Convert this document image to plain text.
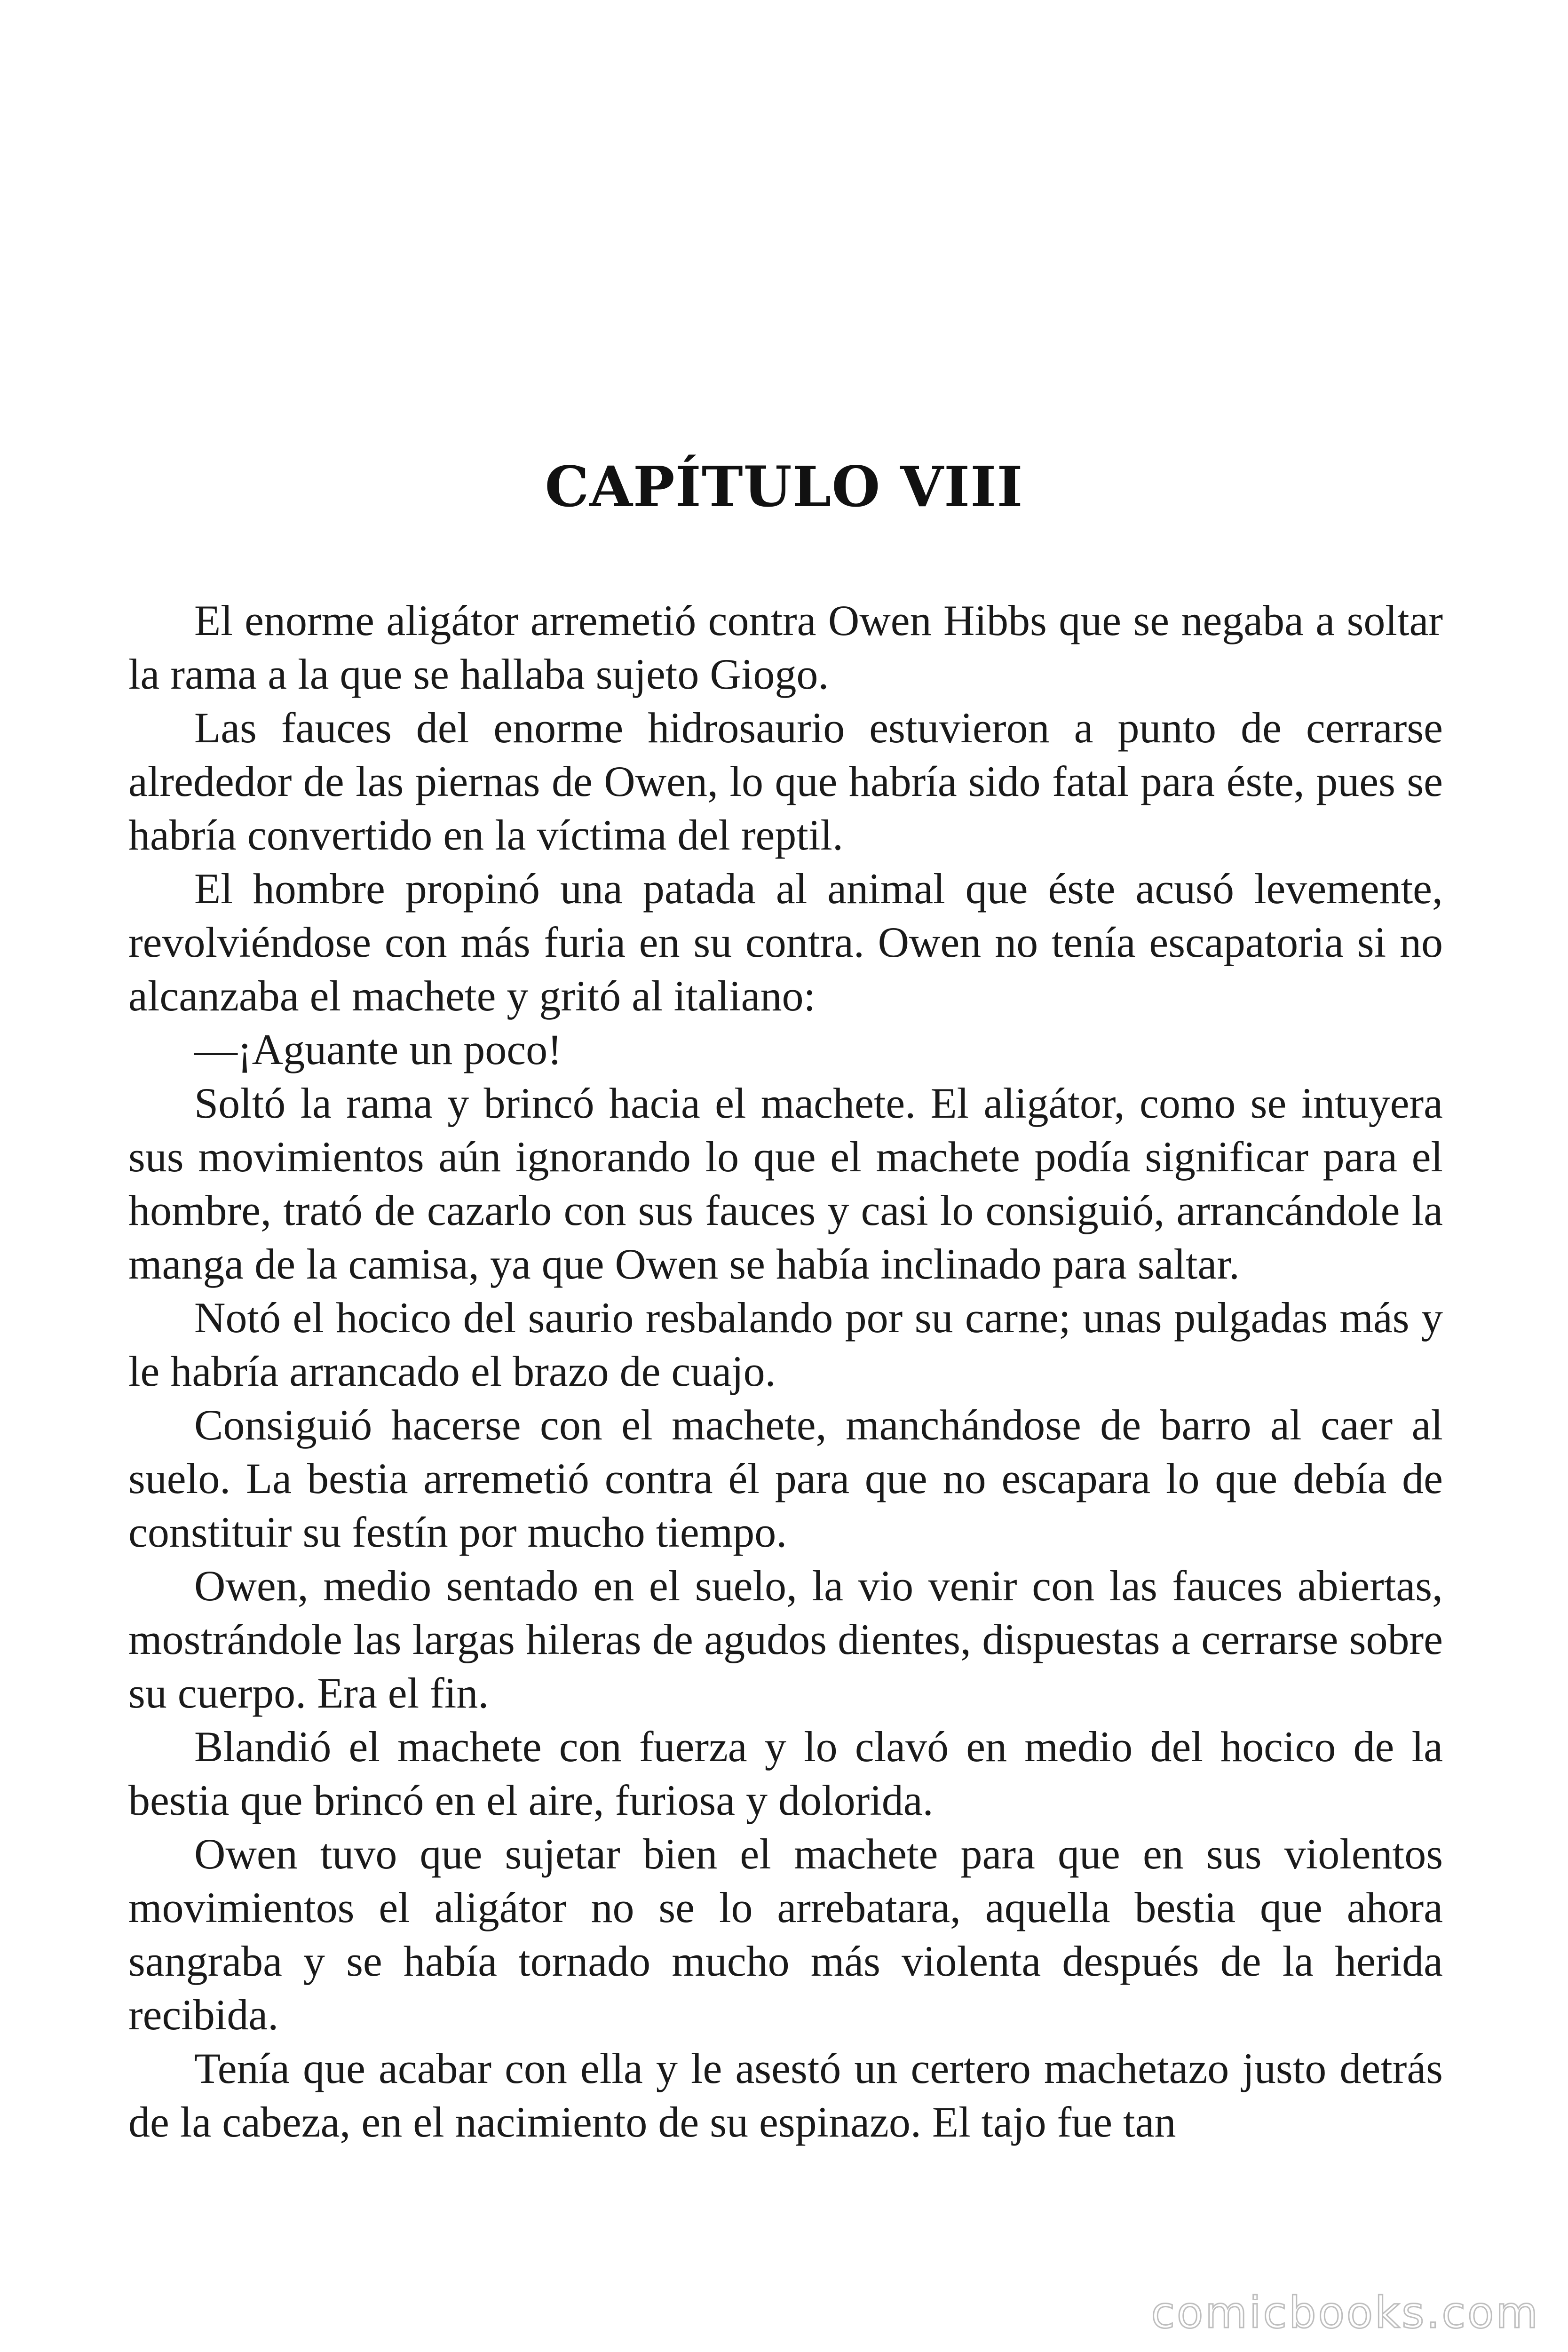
CAPÍTULO VIII

El enorme aligátor arremetió contra Owen Hibbs que se negaba a soltar la rama a la que se hallaba sujeto Giogo.

Las fauces del enorme hidrosaurio estuvieron a punto de cerrarse alrededor de las piernas de Owen, lo que habría sido fatal para éste, pues se habría convertido en la víctima del reptil.

El hombre propinó una patada al animal que éste acusó levemente, revolviéndose con más furia en su contra. Owen no tenía escapatoria si no alcanzaba el machete y gritó al italiano:

—¡Aguante un poco!

Soltó la rama y brincó hacia el machete. El aligátor, como se intuyera sus movimientos aún ignorando lo que el machete podía significar para el hombre, trató de cazarlo con sus fauces y casi lo consiguió, arrancándole la manga de la camisa, ya que Owen se había inclinado para saltar.

Notó el hocico del saurio resbalando por su carne; unas pulgadas más y le habría arrancado el brazo de cuajo.

Consiguió hacerse con el machete, manchándose de barro al caer al suelo. La bestia arremetió contra él para que no escapara lo que debía de constituir su festín por mucho tiempo.

Owen, medio sentado en el suelo, la vio venir con las fauces abiertas, mostrándole las largas hileras de agudos dientes, dispuestas a cerrarse sobre su cuerpo. Era el fin.

Blandió el machete con fuerza y lo clavó en medio del hocico de la bestia que brincó en el aire, furiosa y dolorida.

Owen tuvo que sujetar bien el machete para que en sus violentos movimientos el aligátor no se lo arrebatara, aquella bestia que ahora sangraba y se había tornado mucho más violenta después de la herida recibida.

Tenía que acabar con ella y le asestó un certero machetazo justo detrás de la cabeza, en el nacimiento de su espinazo. El tajo fue tan

comicbooks.com
